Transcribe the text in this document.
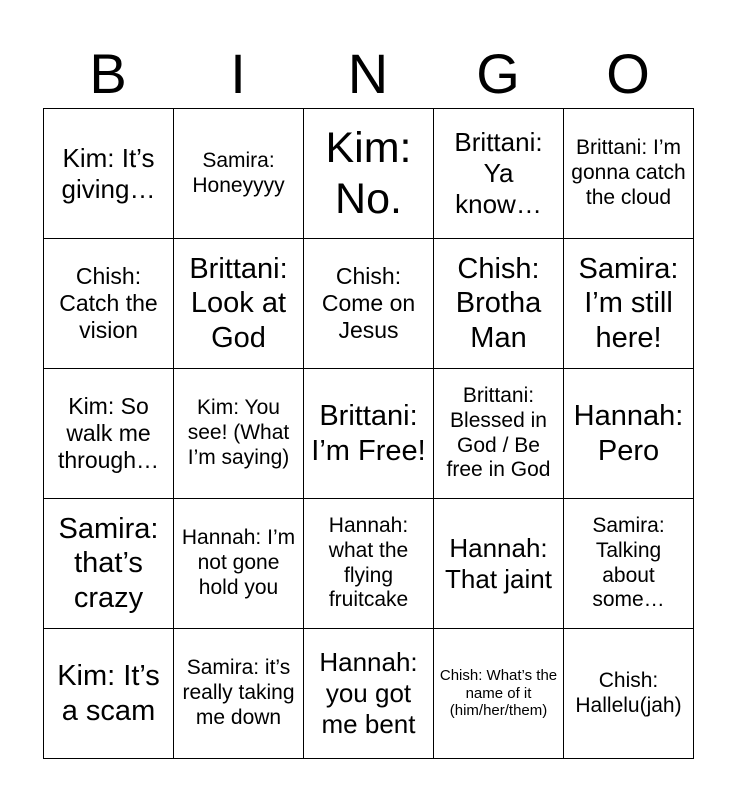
B	I	N	G	O
Kim: It’s giving…	Samira: Honeyyyy	Kim: No.	Brittani: Ya know…	Brittani: I’m gonna catch the cloud
Chish: Catch the vision	Brittani: Look at God	Chish: Come on Jesus	Chish: Brotha Man	Samira: I’m still here!
Kim: So walk me through…	Kim: You see! (What I’m saying)	Brittani: I’m Free!	Brittani: Blessed in God / Be free in God	Hannah: Pero
Samira: that’s crazy	Hannah: I’m not gone hold you	Hannah: what the flying fruitcake	Hannah: That jaint	Samira: Talking about some…
Kim: It’s a scam	Samira: it’s really taking me down	Hannah: you got me bent	Chish: What’s the name of it (him/her/them)	Chish: Hallelu(jah)
